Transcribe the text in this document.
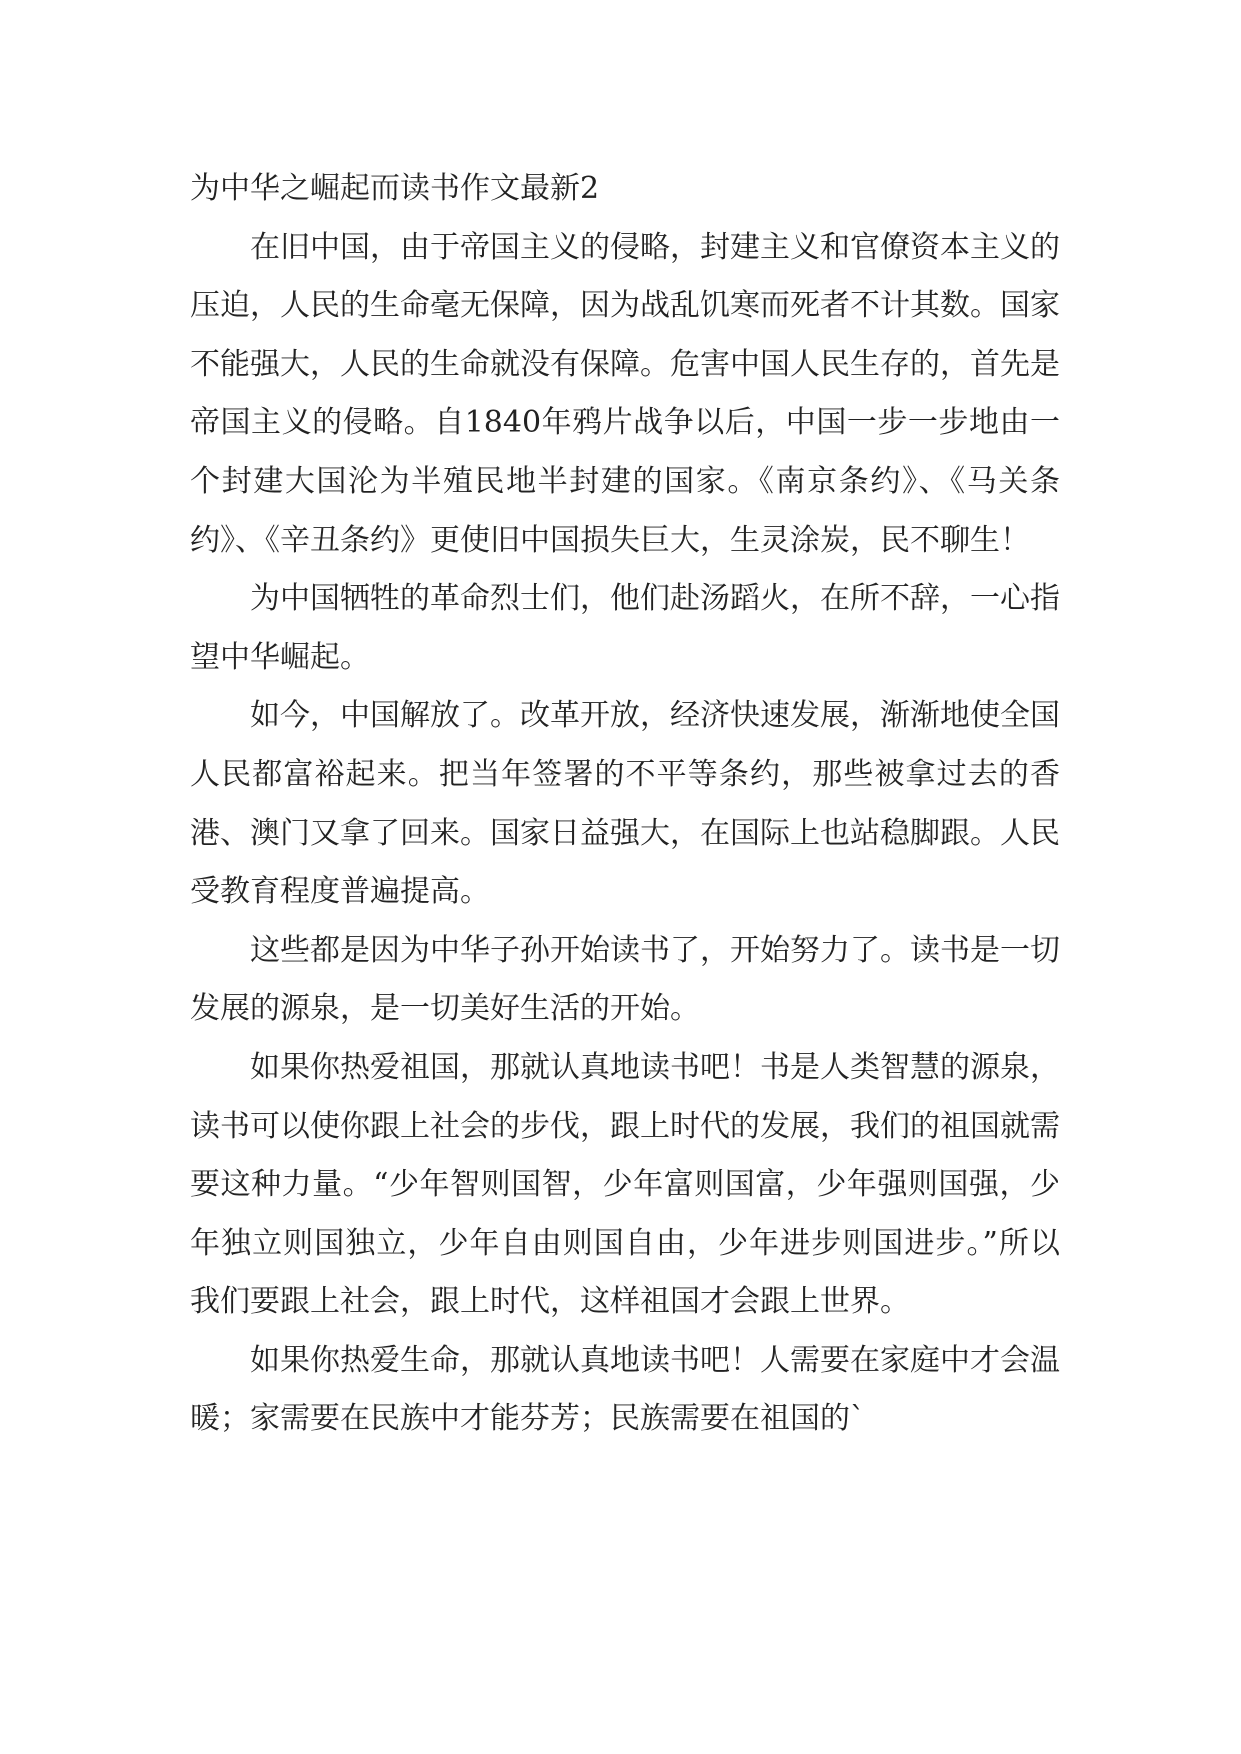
为中华之崛起而读书作文最新2

在旧中国，由于帝国主义的侵略，封建主义和官僚资本主义的压迫，人民的生命毫无保障，因为战乱饥寒而死者不计其数。国家不能强大，人民的生命就没有保障。危害中国人民生存的，首先是帝国主义的侵略。自1840年鸦片战争以后，中国一步一步地由一个封建大国沦为半殖民地半封建的国家。《南京条约》、《马关条约》、《辛丑条约》更使旧中国损失巨大，生灵涂炭，民不聊生！

为中国牺牲的革命烈士们，他们赴汤蹈火，在所不辞，一心指望中华崛起。

如今，中国解放了。改革开放，经济快速发展，渐渐地使全国人民都富裕起来。把当年签署的不平等条约，那些被拿过去的香港、澳门又拿了回来。国家日益强大，在国际上也站稳脚跟。人民受教育程度普遍提高。

这些都是因为中华子孙开始读书了，开始努力了。读书是一切发展的源泉，是一切美好生活的开始。

如果你热爱祖国，那就认真地读书吧！书是人类智慧的源泉，读书可以使你跟上社会的步伐，跟上时代的发展，我们的祖国就需要这种力量。“少年智则国智，少年富则国富，少年强则国强，少年独立则国独立，少年自由则国自由，少年进步则国进步。”所以我们要跟上社会，跟上时代，这样祖国才会跟上世界。

如果你热爱生命，那就认真地读书吧！人需要在家庭中才会温暖；家需要在民族中才能芬芳；民族需要在祖国的`
